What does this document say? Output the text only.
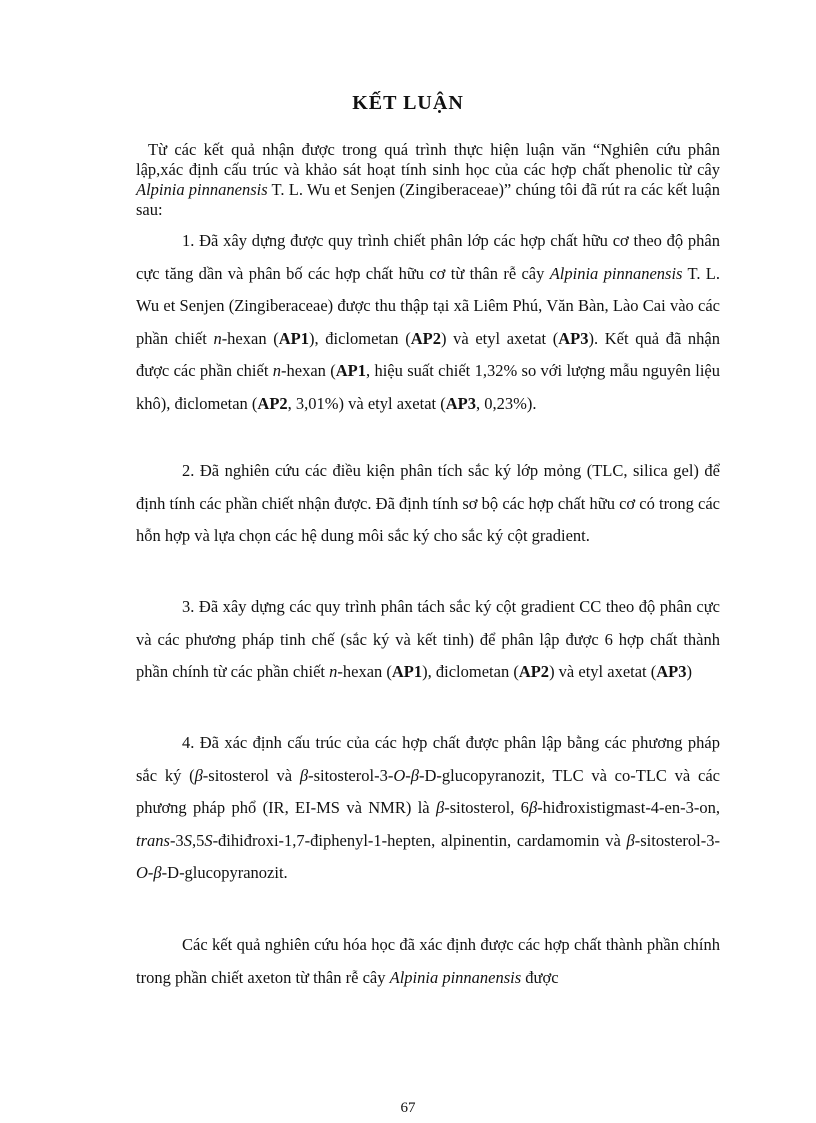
KẾT LUẬN
Từ các kết quả nhận được trong quá trình thực hiện luận văn “Nghiên cứu phân lập,xác định cấu trúc và khảo sát hoạt tính sinh học của các hợp chất phenolic từ cây Alpinia pinnanensis T. L. Wu et Senjen (Zingiberaceae)” chúng tôi đã rút ra các kết luận sau:

1. Đã xây dựng được quy trình chiết phân lớp các hợp chất hữu cơ theo độ phân cực tăng dần và phân bố các hợp chất hữu cơ từ thân rễ cây Alpinia pinnanensis T. L. Wu et Senjen (Zingiberaceae) được thu thập tại xã Liêm Phú, Văn Bàn, Lào Cai vào các phần chiết n-hexan (AP1), điclometan (AP2) và etyl axetat (AP3). Kết quả đã nhận được các phần chiết n-hexan (AP1, hiệu suất chiết 1,32% so với lượng mẫu nguyên liệu khô), điclometan (AP2, 3,01%) và etyl axetat (AP3, 0,23%).

2. Đã nghiên cứu các điều kiện phân tích sắc ký lớp mỏng (TLC, silica gel) để định tính các phần chiết nhận được. Đã định tính sơ bộ các hợp chất hữu cơ có trong các hỗn hợp và lựa chọn các hệ dung môi sắc ký cho sắc ký cột gradient.

3. Đã xây dựng các quy trình phân tách sắc ký cột gradient CC theo độ phân cực và các phương pháp tinh chế (sắc ký và kết tinh) để phân lập được 6 hợp chất thành phần chính từ các phần chiết n-hexan (AP1), điclometan (AP2) và etyl axetat (AP3)

4. Đã xác định cấu trúc của các hợp chất được phân lập bằng các phương pháp sắc ký (β-sitosterol và β-sitosterol-3-O-β-D-glucopyranozit, TLC và co-TLC và các phương pháp phổ (IR, EI-MS và NMR) là β-sitosterol, 6β-hiđroxistigmast-4-en-3-on, trans-3S,5S-đihiđroxi-1,7-điphenyl-1-hepten, alpinentin, cardamomin và β-sitosterol-3-O-β-D-glucopyranozit.

Các kết quả nghiên cứu hóa học đã xác định được các hợp chất thành phần chính trong phần chiết axeton từ thân rễ cây Alpinia pinnanensis được

67
